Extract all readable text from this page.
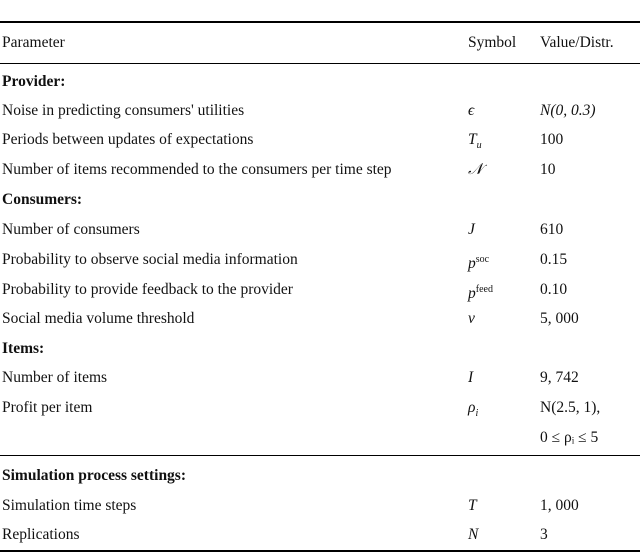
Parameter	Symbol Value/Distr.
Provider:
Noise in predicting consumers' utilities	ϵ	N(0, 0.3)
Periods between updates of expectations	$T_u$	100
Number of items recommended to the consumers per time step	𝒩	10
Consumers:
Number of consumers	J	610
Probability to observe social media information	$p^{soc}$	0.15
Probability to provide feedback to the provider	$p^{feed}$	0.10
Social media volume threshold	ν	5, 000
Items:
Number of items	I	9, 742
Profit per item	$\rho_i$	N(2.5, 1),
0 ≤ ρᵢ ≤ 5
Simulation process settings:
Simulation time steps	T	1, 000
Replications	N	3
